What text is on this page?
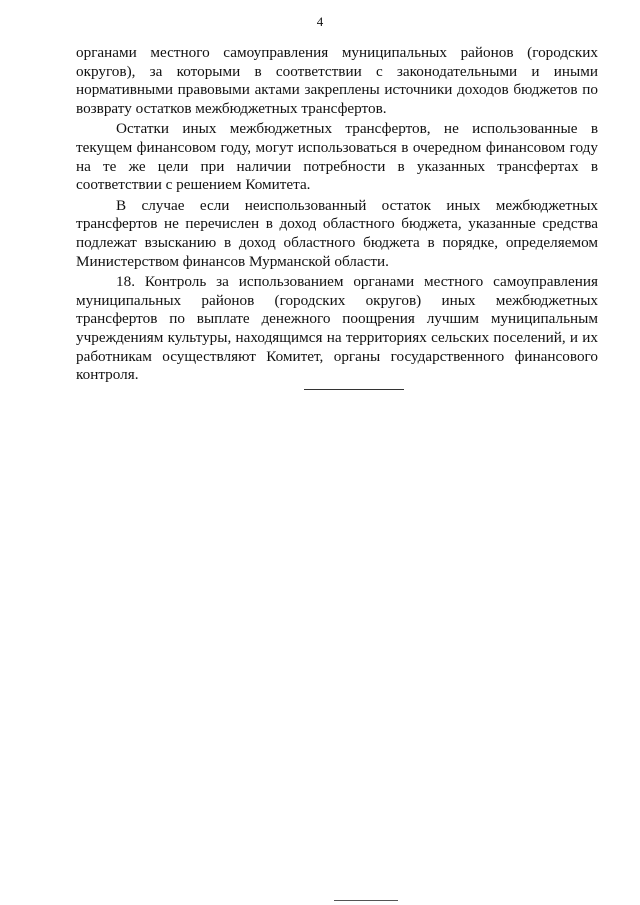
4

органами местного самоуправления муниципальных районов (городских округов), за которыми в соответствии с законодательными и иными нормативными правовыми актами закреплены источники доходов бюджетов по возврату остатков межбюджетных трансфертов.

Остатки иных межбюджетных трансфертов, не использованные в текущем финансовом году, могут использоваться в очередном финансовом году на те же цели при наличии потребности в указанных трансфертах в соответствии с решением Комитета.

В случае если неиспользованный остаток иных межбюджетных трансфертов не перечислен в доход областного бюджета, указанные средства подлежат взысканию в доход областного бюджета в порядке, определяемом Министерством финансов Мурманской области.

18. Контроль за использованием органами местного самоуправления муниципальных районов (городских округов) иных межбюджетных трансфертов по выплате денежного поощрения лучшим муниципальным учреждениям культуры, находящимся на территориях сельских поселений, и их работникам осуществляют Комитет, органы государственного финансового контроля.
